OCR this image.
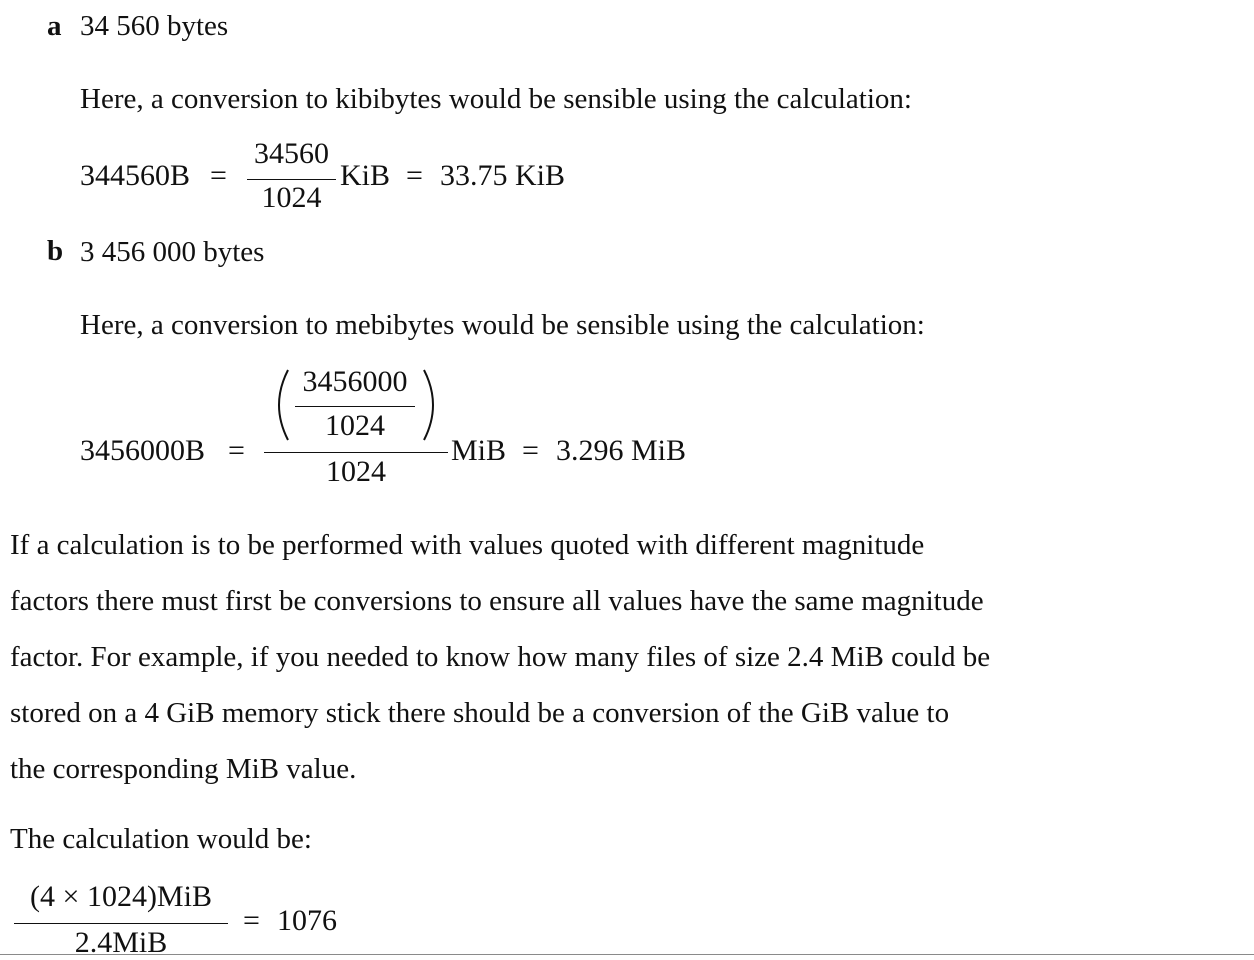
a 34 560 bytes
Here, a conversion to kibibytes would be sensible using the calculation:
344560B =
34560
1024
KiB = 33.75 KiB
b 3 456 000 bytes
Here, a conversion to mebibytes would be sensible using the calculation:
3456000B =
3456000
1024
1024
MiB = 3.296 MiB
If a calculation is to be performed with values quoted with different magnitude
factors there must first be conversions to ensure all values have the same magnitude
factor. For example, if you needed to know how many files of size 2.4 MiB could be
stored on a 4 GiB memory stick there should be a conversion of the GiB value to
the corresponding MiB value.
The calculation would be:
(4 × 1024)MiB
2.4MiB
= 1076
